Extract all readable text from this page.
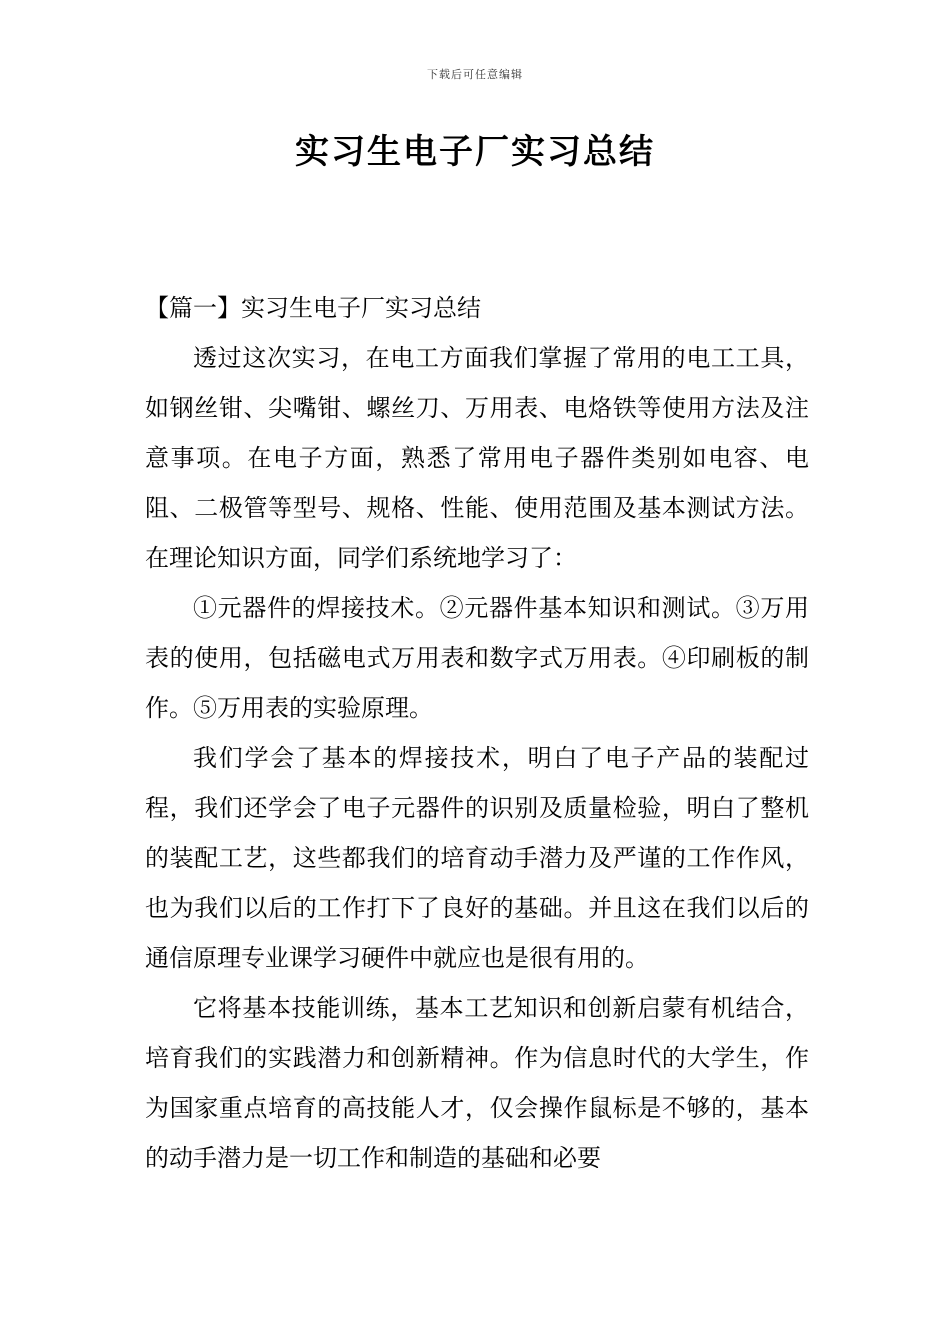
下载后可任意编辑
实习生电子厂实习总结

【篇一】实习生电子厂实习总结

透过这次实习，在电工方面我们掌握了常用的电工工具，如钢丝钳、尖嘴钳、螺丝刀、万用表、电烙铁等使用方法及注意事项。在电子方面，熟悉了常用电子器件类别如电容、电阻、二极管等型号、规格、性能、使用范围及基本测试方法。在理论知识方面，同学们系统地学习了：

①元器件的焊接技术。②元器件基本知识和测试。③万用表的使用，包括磁电式万用表和数字式万用表。④印刷板的制作。⑤万用表的实验原理。

我们学会了基本的焊接技术，明白了电子产品的装配过程，我们还学会了电子元器件的识别及质量检验，明白了整机的装配工艺，这些都我们的培育动手潜力及严谨的工作作风，也为我们以后的工作打下了良好的基础。并且这在我们以后的通信原理专业课学习硬件中就应也是很有用的。

它将基本技能训练，基本工艺知识和创新启蒙有机结合，培育我们的实践潜力和创新精神。作为信息时代的大学生，作为国家重点培育的高技能人才，仅会操作鼠标是不够的，基本的动手潜力是一切工作和制造的基础和必要
